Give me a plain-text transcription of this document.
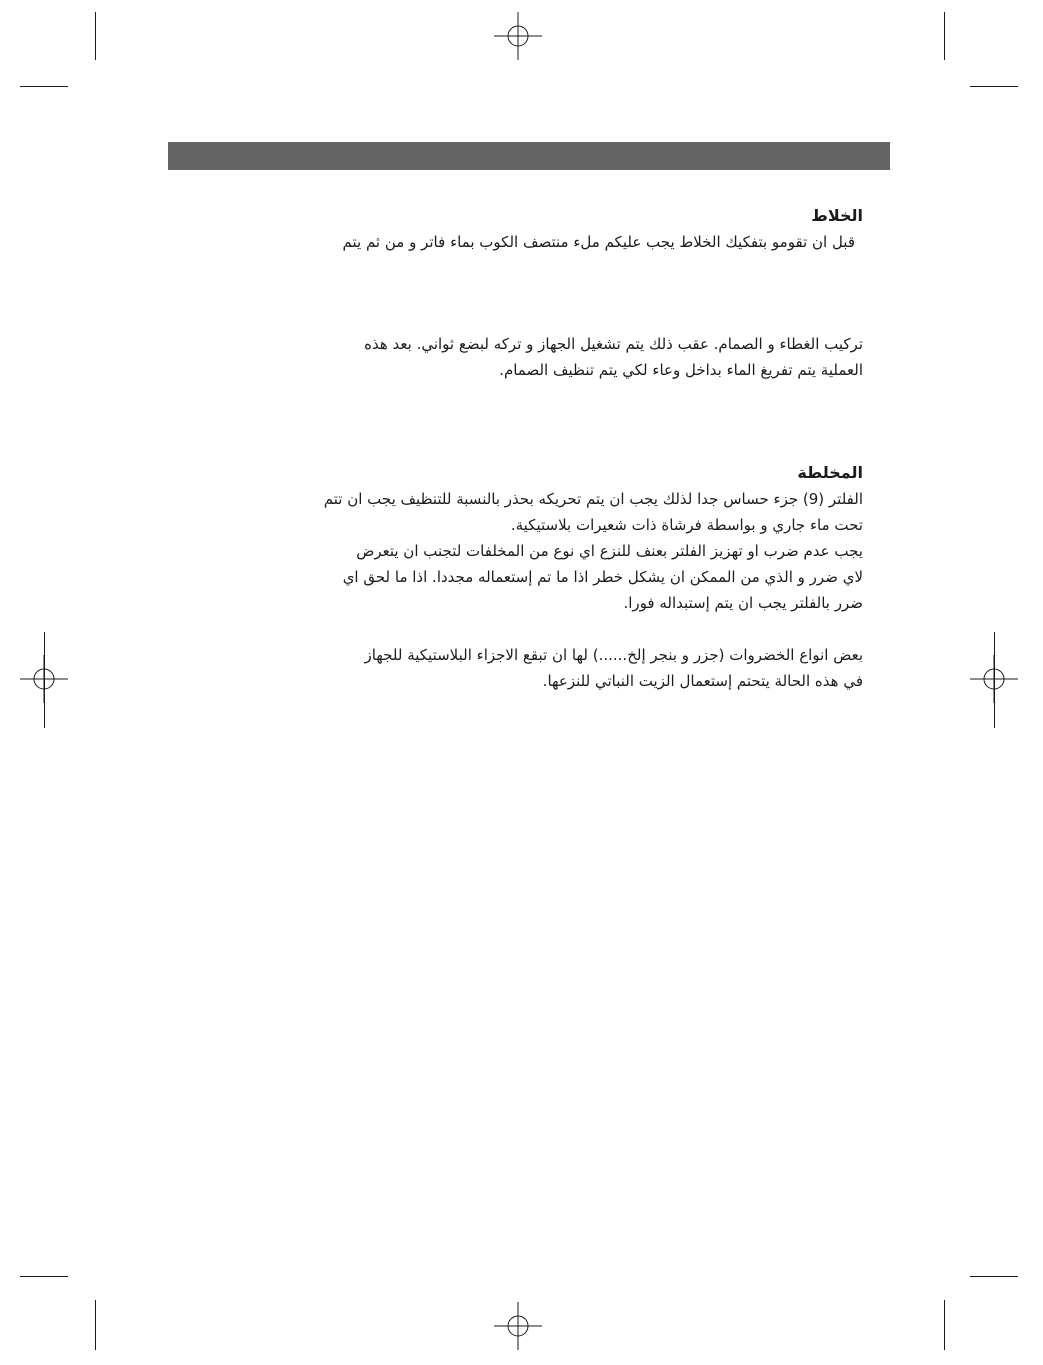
الخلاط

قبل ان تقومو بتفكيك الخلاط يجب عليكم ملء منتصف الكوب بماء فاتر و من ثم يتم

تركيب الغطاء و الصمام. عقب ذلك يتم تشغيل الجهاز و تركه لبضع ثواني. بعد هذه
العملية يتم تفريغ الماء بداخل وعاء لكي يتم تنظيف الصمام.

المخلطة

الفلتر (9) جزء حساس جدا لذلك يجب ان يتم تحريكه بحذر بالنسبة للتنظيف يجب ان تتم
تحت ماء جاري و بواسطة فرشاة ذات شعيرات بلاستيكية.
يجب عدم ضرب او تهزيز الفلتر بعنف للنزع اي نوع من المخلفات لتجنب ان يتعرض
لاي ضرر و الذي من الممكن ان يشكل خطر اذا ما تم إستعماله مجددا. اذا ما لحق اي
ضرر بالفلتر يجب ان يتم إستبداله فورا.

بعض انواع الخضروات (جزر و بنجر إلخ......) لها ان تبقع الاجزاء البلاستيكية للجهاز
في هذه الحالة يتحتم إستعمال الزيت النباتي للنزعها.
